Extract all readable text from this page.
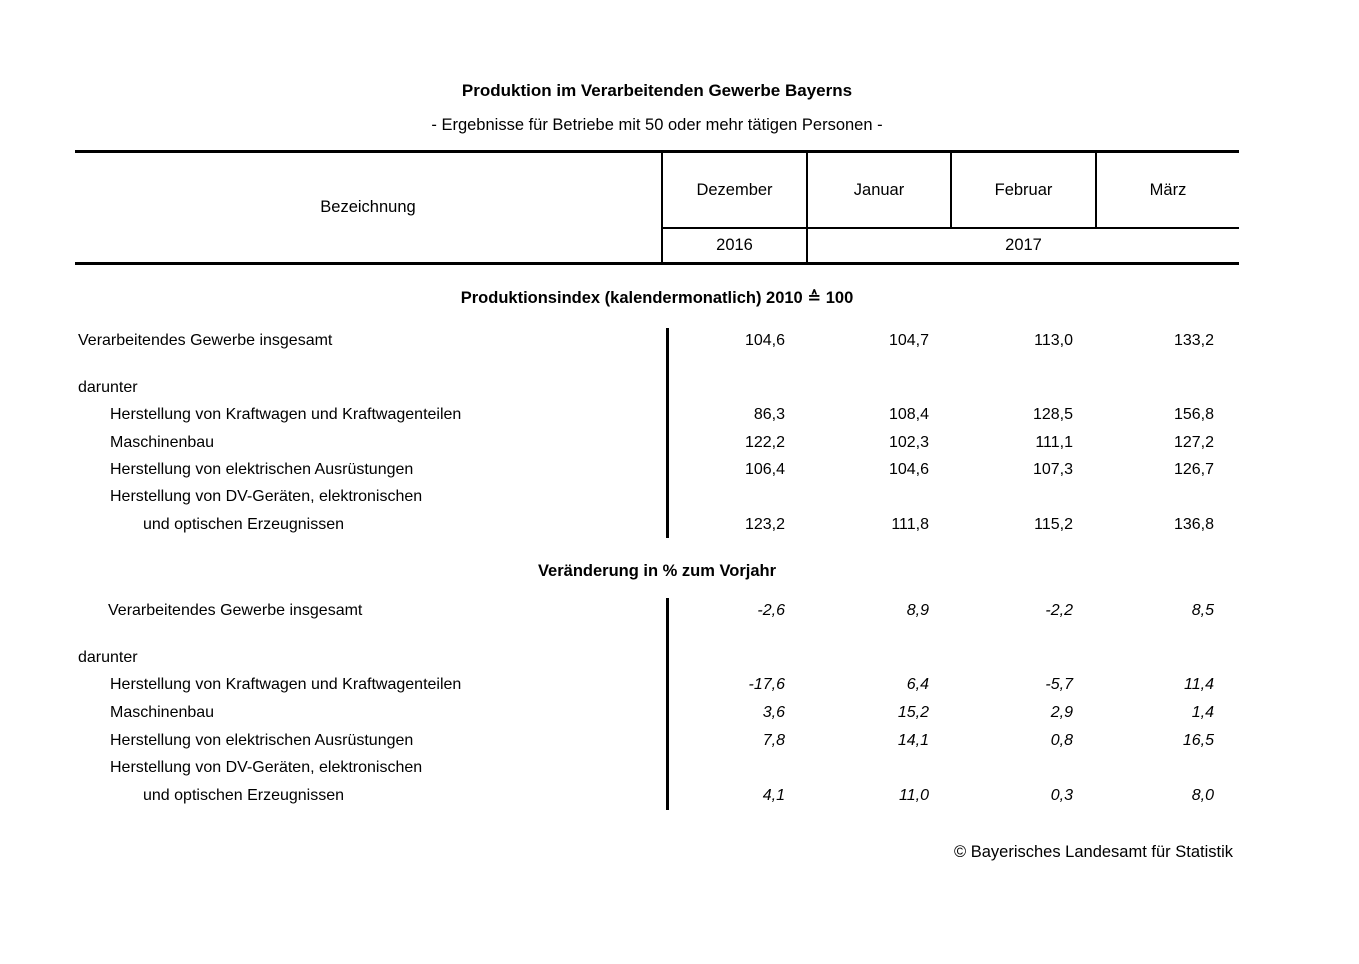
Produktion im Verarbeitenden Gewerbe Bayerns
- Ergebnisse für Betriebe mit 50 oder mehr tätigen Personen -
Bezeichnung
Dezember	Januar	Februar	März
2016	2017
Produktionsindex (kalendermonatlich) 2010 ≙ 100
Verarbeitendes Gewerbe insgesamt	104,6	104,7	113,0	133,2
darunter
Herstellung von Kraftwagen und Kraftwagenteilen	86,3	108,4	128,5	156,8
Maschinenbau	122,2	102,3	111,1	127,2
Herstellung von elektrischen Ausrüstungen	106,4	104,6	107,3	126,7
Herstellung von DV-Geräten, elektronischen
und optischen Erzeugnissen	123,2	111,8	115,2	136,8
Veränderung in % zum Vorjahr
Verarbeitendes Gewerbe insgesamt	-2,6	8,9	-2,2	8,5
darunter
Herstellung von Kraftwagen und Kraftwagenteilen	-17,6	6,4	-5,7	11,4
Maschinenbau	3,6	15,2	2,9	1,4
Herstellung von elektrischen Ausrüstungen	7,8	14,1	0,8	16,5
Herstellung von DV-Geräten, elektronischen
und optischen Erzeugnissen	4,1	11,0	0,3	8,0
© Bayerisches Landesamt für Statistik
